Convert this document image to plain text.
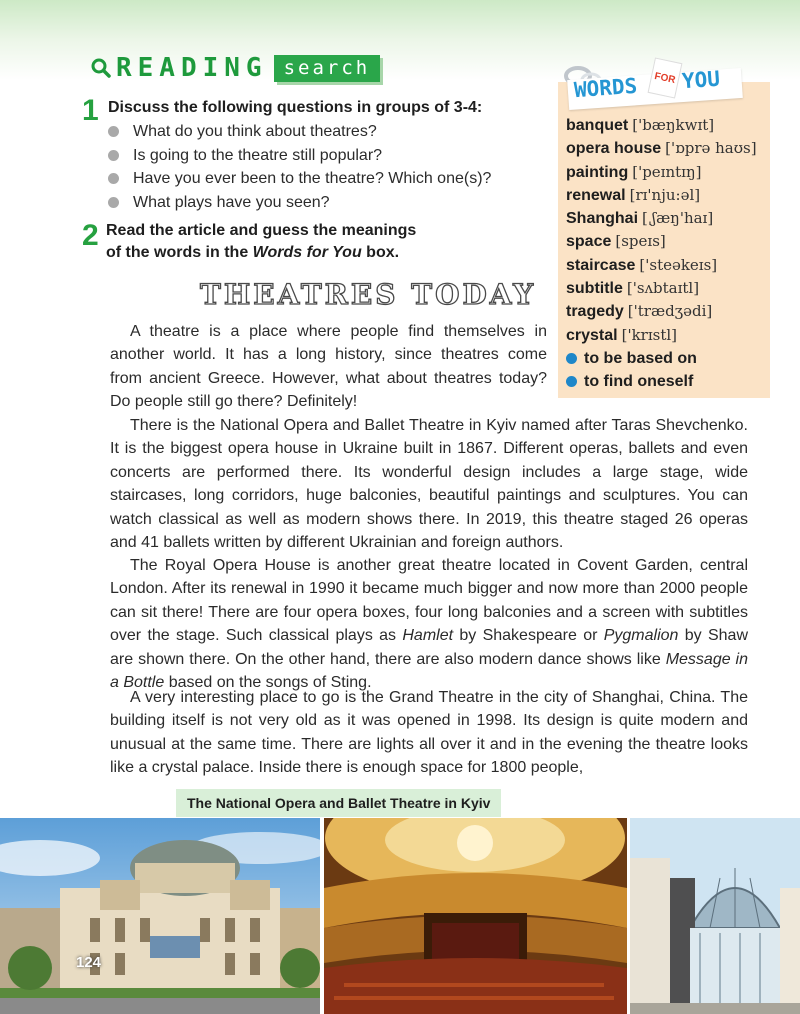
READING search
1 Discuss the following questions in groups of 3-4:
What do you think about theatres?
Is going to the theatre still popular?
Have you ever been to the theatre? Which one(s)?
What plays have you seen?
2 Read the article and guess the meanings
of the words in the Words for You box.
WORDS	FOR YOU
banquet ['bæŋkwɪt]
opera house ['ɒprə haʊs]
painting ['peɪntɪŋ]
renewal [rɪ'nju:əl]
Shanghai [ˌʃæŋ'haɪ]
space [speɪs]
staircase ['steəkeɪs]
subtitle ['sʌbtaɪtl]
tragedy ['trædʒədi]
crystal ['krɪstl]
to be based on
to find oneself
THEATRES TODAY

A theatre is a place where people find themselves in

another world. It has a long history, since theatres come

from ancient Greece. However, what about theatres today?

Do people still go there? Definitely!

There is the National Opera and Ballet Theatre in Kyiv named after Taras Shevchenko. It is the biggest opera house in Ukraine built in 1867. Different operas, ballets and even concerts are performed there. Its wonderful design includes a large stage, wide staircases, long corridors, huge balconies, beautiful paintings and sculptures. You can watch classical as well as modern shows there. In 2019, this theatre staged 26 operas and 41 ballets written by different Ukrainian and foreign authors.

The Royal Opera House is another great theatre located in Covent Garden, central London. After its renewal in 1990 it became much bigger and now more than 2000 people can sit there! There are four opera boxes, four long balconies and a screen with subtitles over the stage. Such classical plays as Hamlet by Shakespeare or Pygmalion by Shaw are shown there. On the other hand, there are also modern dance shows like Message in a Bottle based on the songs of Sting.

A very interesting place to go is the Grand Theatre in the city of Shanghai, China. The building itself is not very old as it was opened in 1998. Its design is quite modern and unusual at the same time. There are lights all over it and in the evening the theatre looks like a crystal palace. Inside there is enough space for 1800 people,

The National Opera and Ballet Theatre in Kyiv
124
